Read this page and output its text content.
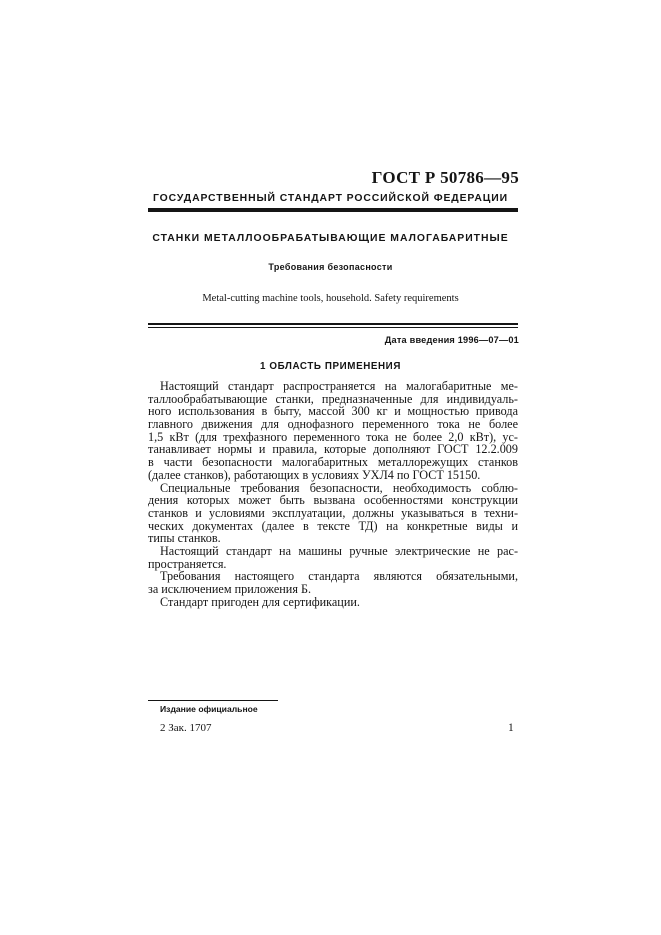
ГОСТ Р 50786—95
ГОСУДАРСТВЕННЫЙ СТАНДАРТ РОССИЙСКОЙ ФЕДЕРАЦИИ
СТАНКИ МЕТАЛЛООБРАБАТЫВАЮЩИЕ МАЛОГАБАРИТНЫЕ
Требования безопасности
Metal-cutting machine tools, household. Safety requirements
Дата введения 1996—07—01
1 ОБЛАСТЬ ПРИМЕНЕНИЯ
Настоящий стандарт распространяется на малогабаритные ме-
таллообрабатывающие станки, предназначенные для индивидуаль-
ного использования в быту, массой 300 кг и мощностью привода
главного движения для однофазного переменного тока не более
1,5 кВт (для трехфазного переменного тока не более 2,0 кВт), ус-
танавливает нормы и правила, которые дополняют ГОСТ 12.2.009
в части безопасности малогабаритных металлорежущих станков
(далее станков), работающих в условиях УХЛ4 по ГОСТ 15150.
Специальные требования безопасности, необходимость соблю-
дения которых может быть вызвана особенностями конструкции
станков и условиями эксплуатации, должны указываться в техни-
ческих документах (далее в тексте ТД) на конкретные виды и
типы станков.
Настоящий стандарт на машины ручные электрические не рас-
пространяется.
Требования настоящего стандарта являются обязательными,
за исключением приложения Б.
Стандарт пригоден для сертификации.
Издание официальное
2 Зак. 1707	1
